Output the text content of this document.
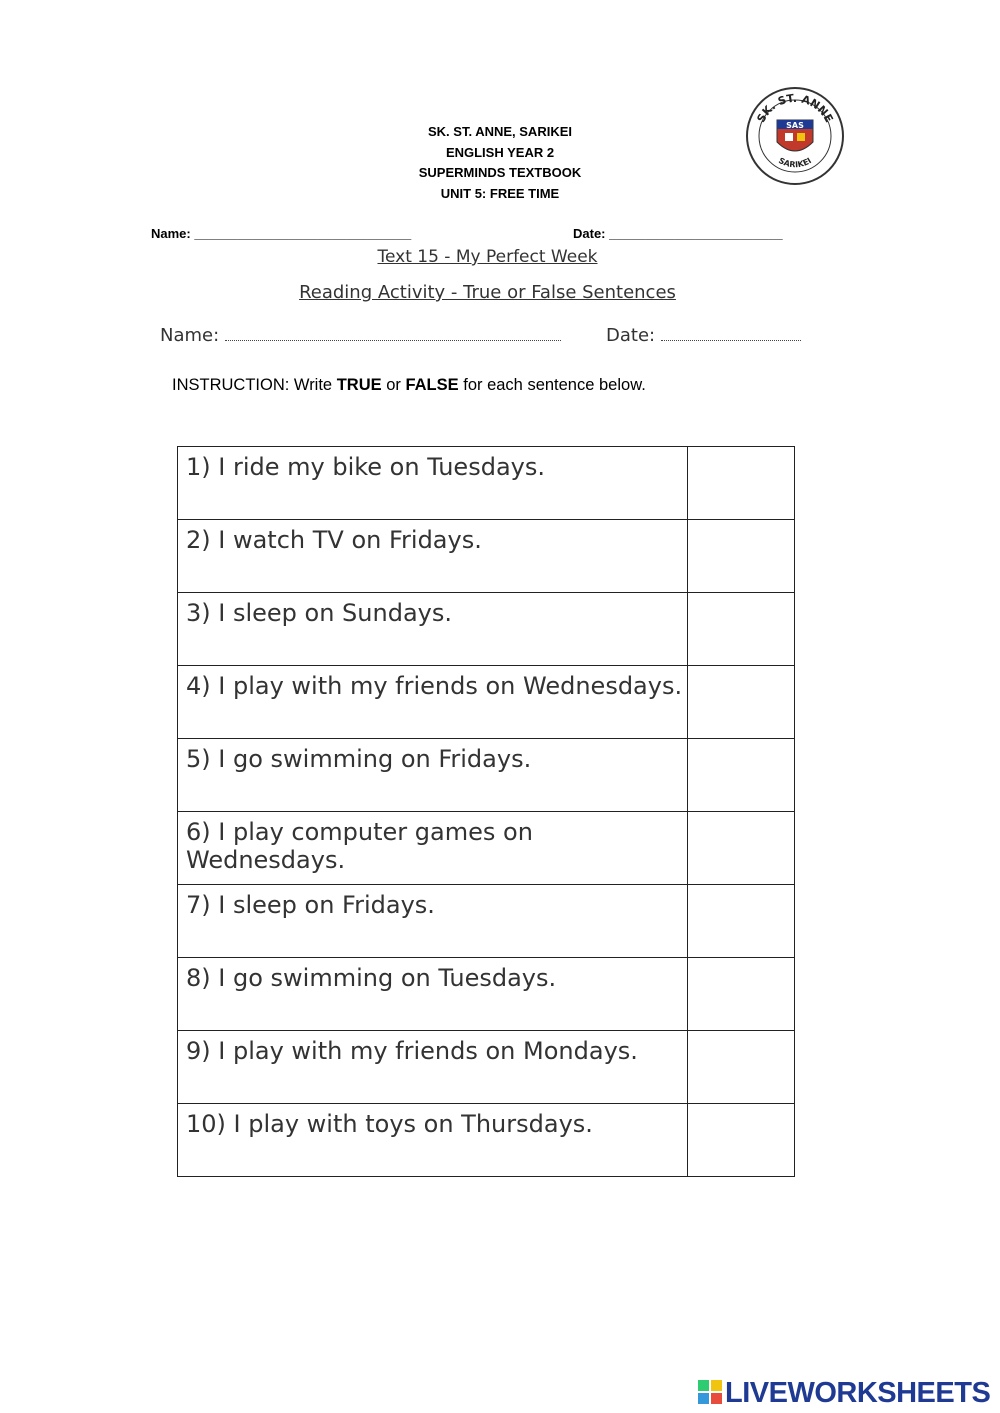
SK. ST. ANNE, SARIKEI
ENGLISH YEAR 2
SUPERMINDS TEXTBOOK
UNIT 5: FREE TIME
SK. ST. ANNE
SARIKEI
SAS
Name: ______________________________	Date: ________________________
Text 15 - My Perfect Week
Reading Activity - True or False Sentences
Name:	Date:
INSTRUCTION: Write TRUE or FALSE for each sentence below.
1) I ride my bike on Tuesdays.	
2) I watch TV on Fridays.	
3) I sleep on Sundays.	
4) I play with my friends on Wednesdays.	
5) I go swimming on Fridays.	
6) I play computer games on Wednesdays.	
7) I sleep on Fridays.	
8) I go swimming on Tuesdays.	
9) I play with my friends on Mondays.	
10) I play with toys on Thursdays.	
LIVEWORKSHEETS
